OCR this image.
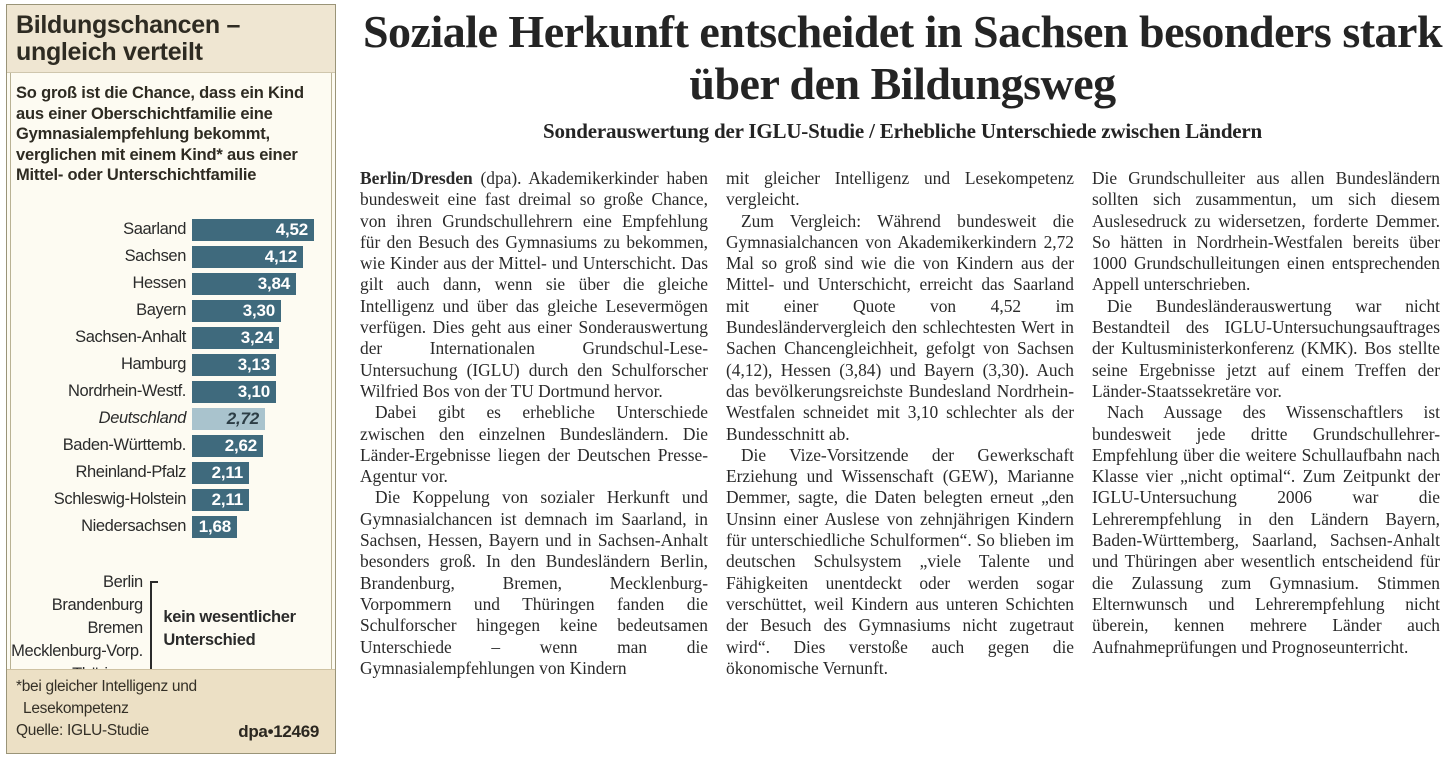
Bildungschancen – ungleich verteilt
So groß ist die Chance, dass ein Kind aus einer Oberschichtfamilie eine Gymnasialempfehlung bekommt, verglichen mit einem Kind* aus einer Mittel- oder Unterschichtfamilie
Saarland	4,52
Sachsen	4,12
Hessen	3,84
Bayern	3,30
Sachsen-Anhalt	3,24
Hamburg	3,13
Nordrhein-Westf.	3,10
Deutschland	2,72
Baden-Württemb.	2,62
Rheinland-Pfalz	2,11
Schleswig-Holstein	2,11
Niedersachsen 1,68
Berlin
Brandenburg
Bremen
Mecklenburg-Vorp.
kein wesentlicher Unterschied
*bei gleicher Intelligenz und
Lesekompetenz
Quelle: IGLU-Studie	dpa•12469
Soziale Herkunft entscheidet in Sachsen besonders stark über den Bildungsweg
Sonderauswertung der IGLU-Studie / Erhebliche Unterschiede zwischen Ländern

Berlin/Dresden (dpa). Akademikerkinder haben bundesweit eine fast dreimal so große Chance, von ihren Grundschullehrern eine Empfehlung für den Besuch des Gymnasiums zu bekommen, wie Kinder aus der Mittel- und Unterschicht. Das gilt auch dann, wenn sie über die gleiche Intelligenz und über das gleiche Lesevermögen verfügen. Dies geht aus einer Sonderauswertung der Internationalen Grundschul-Lese-Untersuchung (IGLU) durch den Schulforscher Wilfried Bos von der TU Dortmund hervor.

Dabei gibt es erhebliche Unterschiede zwischen den einzelnen Bundesländern. Die Länder-Ergebnisse liegen der Deutschen Presse-Agentur vor.

Die Koppelung von sozialer Herkunft und Gymnasialchancen ist demnach im Saarland, in Sachsen, Hessen, Bayern und in Sachsen-Anhalt besonders groß. In den Bundesländern Berlin, Brandenburg, Bremen, Mecklenburg-Vorpommern und Thüringen fanden die Schulforscher hingegen keine bedeutsamen Unterschiede – wenn man die Gymnasialempfehlungen von Kindern

mit gleicher Intelligenz und Lesekompetenz vergleicht.

Zum Vergleich: Während bundesweit die Gymnasialchancen von Akademikerkindern 2,72 Mal so groß sind wie die von Kindern aus der Mittel- und Unterschicht, erreicht das Saarland mit einer Quote von 4,52 im Bundesländervergleich den schlechtesten Wert in Sachen Chancengleichheit, gefolgt von Sachsen (4,12), Hessen (3,84) und Bayern (3,30). Auch das bevölkerungsreichste Bundesland Nordrhein-Westfalen schneidet mit 3,10 schlechter als der Bundesschnitt ab.

Die Vize-Vorsitzende der Gewerkschaft Erziehung und Wissenschaft (GEW), Marianne Demmer, sagte, die Daten belegten erneut „den Unsinn einer Auslese von zehnjährigen Kindern für unterschiedliche Schulformen“. So blieben im deutschen Schulsystem „viele Talente und Fähigkeiten unentdeckt oder werden sogar verschüttet, weil Kindern aus unteren Schichten der Besuch des Gymnasiums nicht zugetraut wird“. Dies verstoße auch gegen die ökonomische Vernunft.

Die Grundschulleiter aus allen Bundesländern sollten sich zusammentun, um sich diesem Auslesedruck zu widersetzen, forderte Demmer. So hätten in Nordrhein-Westfalen bereits über 1000 Grundschulleitungen einen entsprechenden Appell unterschrieben.

Die Bundesländerauswertung war nicht Bestandteil des IGLU-Untersuchungsauftrages der Kultusministerkonferenz (KMK). Bos stellte seine Ergebnisse jetzt auf einem Treffen der Länder-Staatssekretäre vor.

Nach Aussage des Wissenschaftlers ist bundesweit jede dritte Grundschullehrer-Empfehlung über die weitere Schullaufbahn nach Klasse vier „nicht optimal“. Zum Zeitpunkt der IGLU-Untersuchung 2006 war die Lehrerempfehlung in den Ländern Bayern, Baden-Württemberg, Saarland, Sachsen-Anhalt und Thüringen aber wesentlich entscheidend für die Zulassung zum Gymnasium. Stimmen Elternwunsch und Lehrerempfehlung nicht überein, kennen mehrere Länder auch Aufnahmeprüfungen und Prognoseunterricht.
